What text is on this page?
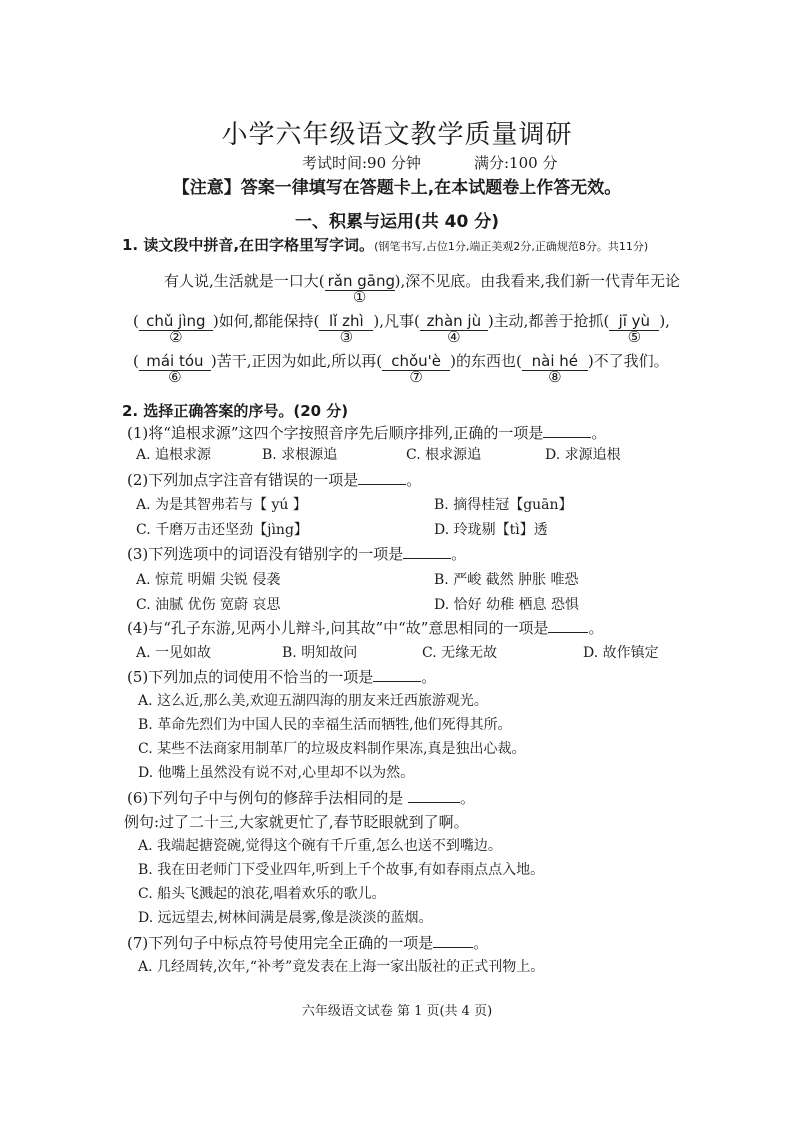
小学六年级语文教学质量调研
考试时间:90 分钟	满分:100 分
【注意】答案一律填写在答题卡上,在本试题卷上作答无效。
一、积累与运用(共 40 分)
1. 读文段中拼音,在田字格里写字词。(钢笔书写,占位1分,端正美观2分,正确规范8分。共11分)
有人说,生活就是一口大( rǎn gāng
①
),深不见底。由我看来,我们新一代青年无论
( chǔ jìng
②
)如何,都能保持( lǐ zhì
③
),凡事( zhàn jù
④
)主动,都善于抢抓( jī yù
⑤
),
( mái tóu
⑥
)苦干,正因为如此,所以再( chǒu'è
⑦
)的东西也( nài hé
⑧
)不了我们。
2. 选择正确答案的序号。(20 分)
(1)将“追根求源”这四个字按照音序先后顺序排列,正确的一项是	。
A. 追根求源	B. 求根源追	C. 根求源追	D. 求源追根
(2)下列加点字注音有错误的一项是	。
A. 为是其智弗若与【 yú 】	B. 摘得桂冠【guān】
C. 千磨万击还坚劲【jìng】	D. 玲珑剔【tì】透
(3)下列选项中的词语没有错别字的一项是	。
A. 惊荒 明媚 尖锐 侵袭	B. 严峻 截然 肿胀 唯恐
C. 油腻 优伤 宽蔚 哀思	D. 恰好 幼稚 栖息 恐惧
(4)与“孔子东游,见两小儿辩斗,问其故”中“故”意思相同的一项是	。
A. 一见如故	B. 明知故问	C. 无缘无故	D. 故作镇定
(5)下列加点的词使用不恰当的一项是	。
A. 这么近,那么美,欢迎五湖四海的朋友来迁西旅游观光。
B. 革命先烈们为中国人民的幸福生活而牺牲,他们死得其所。
C. 某些不法商家用制革厂的垃圾皮料制作果冻,真是独出心裁。
D. 他嘴上虽然没有说不对,心里却不以为然。
(6)下列句子中与例句的修辞手法相同的是	。
例句:过了二十三,大家就更忙了,春节眨眼就到了啊。
A. 我端起搪瓷碗,觉得这个碗有千斤重,怎么也送不到嘴边。
B. 我在田老师门下受业四年,听到上千个故事,有如春雨点点入地。
C. 船头飞溅起的浪花,唱着欢乐的歌儿。
D. 远远望去,树林间满是晨雾,像是淡淡的蓝烟。
(7)下列句子中标点符号使用完全正确的一项是	。
A. 几经周转,次年,“补考”竟发表在上海一家出版社的正式刊物上。
六年级语文试卷 第 1 页(共 4 页)
